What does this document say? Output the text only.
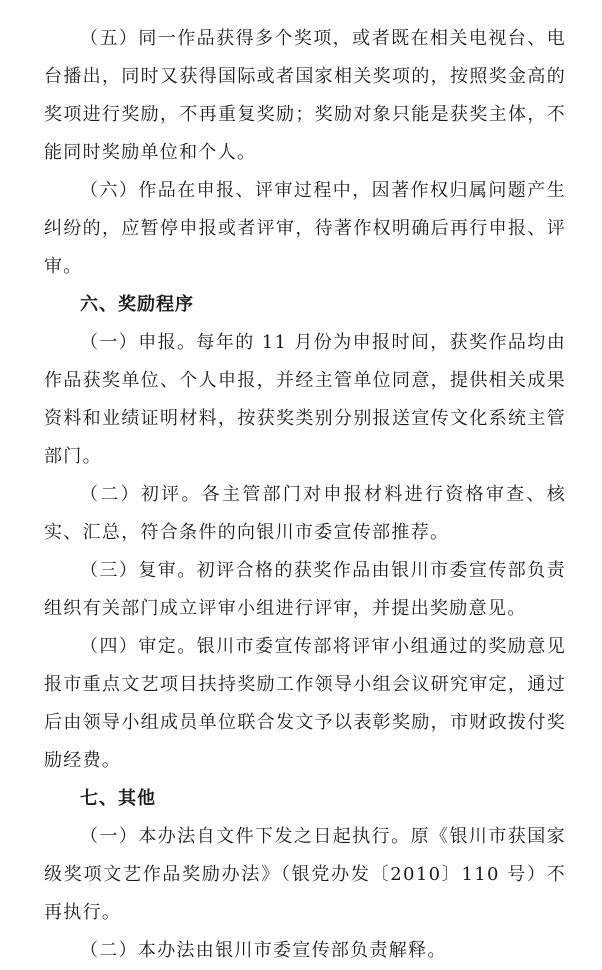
（五）同一作品获得多个奖项，或者既在相关电视台、电台播出，同时又获得国际或者国家相关奖项的，按照奖金高的奖项进行奖励，不再重复奖励；奖励对象只能是获奖主体，不能同时奖励单位和个人。

（六）作品在申报、评审过程中，因著作权归属问题产生纠纷的，应暂停申报或者评审，待著作权明确后再行申报、评审。

六、奖励程序

（一）申报。每年的 11 月份为申报时间，获奖作品均由作品获奖单位、个人申报，并经主管单位同意，提供相关成果资料和业绩证明材料，按获奖类别分别报送宣传文化系统主管部门。

（二）初评。各主管部门对申报材料进行资格审查、核实、汇总，符合条件的向银川市委宣传部推荐。

（三）复审。初评合格的获奖作品由银川市委宣传部负责组织有关部门成立评审小组进行评审，并提出奖励意见。

（四）审定。银川市委宣传部将评审小组通过的奖励意见报市重点文艺项目扶持奖励工作领导小组会议研究审定，通过后由领导小组成员单位联合发文予以表彰奖励，市财政拨付奖励经费。

七、其他

（一）本办法自文件下发之日起执行。原《银川市获国家级奖项文艺作品奖励办法》（银党办发〔2010〕110 号）不再执行。

（二）本办法由银川市委宣传部负责解释。
